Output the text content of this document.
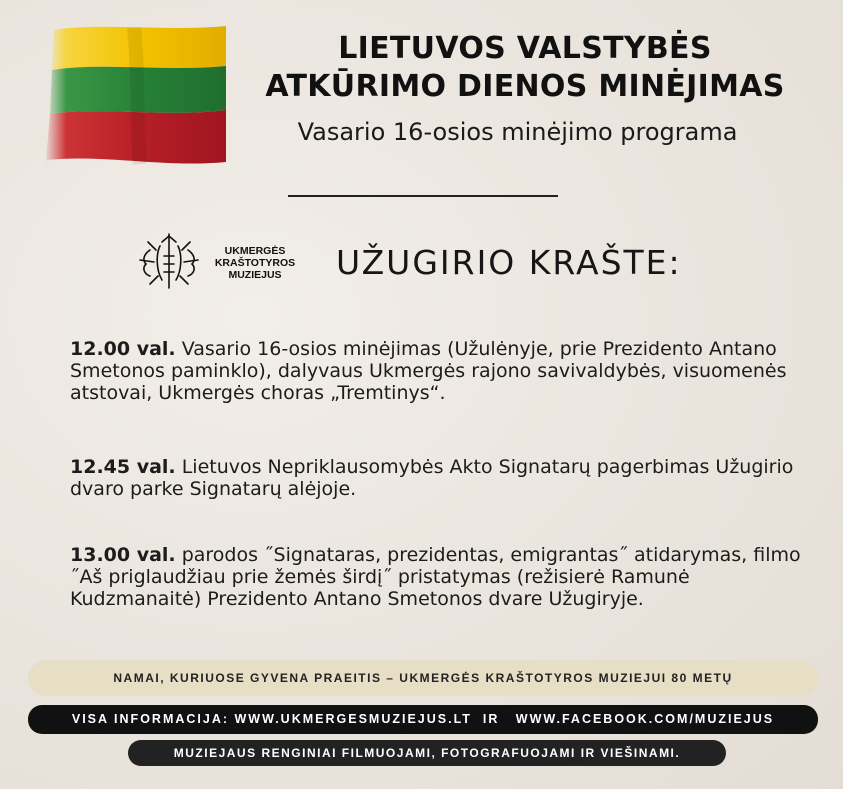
LIETUVOS VALSTYBĖS
ATKŪRIMO DIENOS MINĖJIMAS
Vasario 16-osios minėjimo programa
UKMERGĖS
KRAŠTOTYROS
MUZIEJUS	UŽUGIRIO KRAŠTE:
12.00 val. Vasario 16-osios minėjimas (Užulėnyje, prie Prezidento Antano Smetonos paminklo), dalyvaus Ukmergės rajono savivaldybės, visuomenės atstovai, Ukmergės choras „Tremtinys“.
12.45 val. Lietuvos Nepriklausomybės Akto Signatarų pagerbimas Užugirio dvaro parke Signatarų alėjoje.
13.00 val. parodos ˝Signataras, prezidentas, emigrantas˝ atidarymas, filmo ˝Aš priglaudžiau prie žemės širdį˝ pristatymas (režisierė Ramunė Kudzmanaitė) Prezidento Antano Smetonos dvare Užugiryje.
NAMAI, KURIUOSE GYVENA PRAEITIS – UKMERGĖS KRAŠTOTYROS MUZIEJUI 80 METŲ
VISA INFORMACIJA: WWW.UKMERGESMUZIEJUS.LT  IR   WWW.FACEBOOK.COM/MUZIEJUS
MUZIEJAUS RENGINIAI FILMUOJAMI, FOTOGRAFUOJAMI IR VIEŠINAMI.
